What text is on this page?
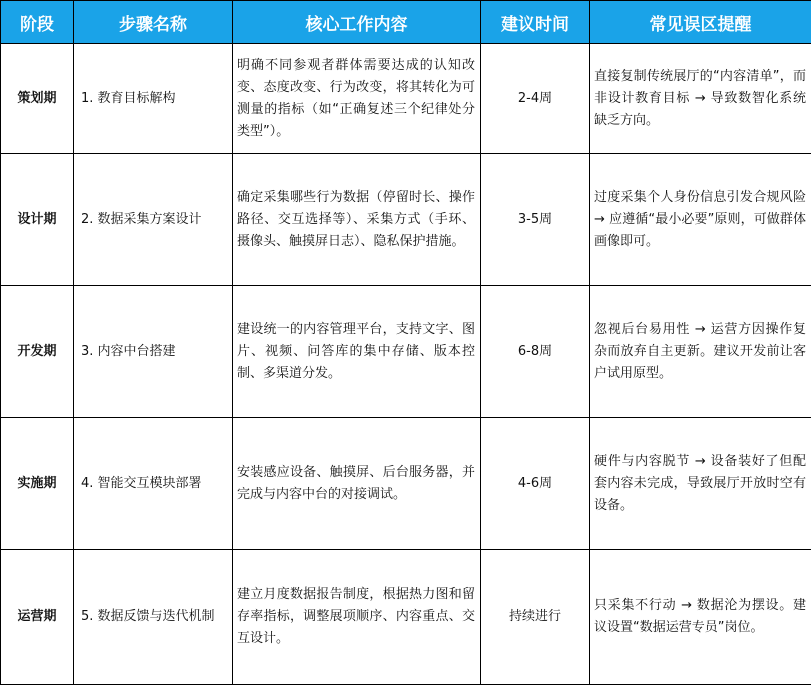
阶段	步骤名称	核心工作内容	建议时间	常见误区提醒
策划期	1. 教育目标解构	明确不同参观者群体需要达成的认知改变、态度改变、行为改变，将其转化为可测量的指标（如“正确复述三个纪律处分类型”）。	2-4周	直接复制传统展厅的“内容清单”，而非设计教育目标 → 导致数智化系统缺乏方向。
设计期	2. 数据采集方案设计	确定采集哪些行为数据（停留时长、操作路径、交互选择等）、采集方式（手环、摄像头、触摸屏日志）、隐私保护措施。	3-5周	过度采集个人身份信息引发合规风险 → 应遵循“最小必要”原则，可做群体画像即可。
开发期	3. 内容中台搭建	建设统一的内容管理平台，支持文字、图片、视频、问答库的集中存储、版本控制、多渠道分发。	6-8周	忽视后台易用性 → 运营方因操作复杂而放弃自主更新。建议开发前让客户试用原型。
实施期	4. 智能交互模块部署	安装感应设备、触摸屏、后台服务器，并完成与内容中台的对接调试。	4-6周	硬件与内容脱节 → 设备装好了但配套内容未完成，导致展厅开放时空有设备。
运营期	5. 数据反馈与迭代机制	建立月度数据报告制度，根据热力图和留存率指标，调整展项顺序、内容重点、交互设计。	持续进行	只采集不行动 → 数据沦为摆设。建议设置“数据运营专员”岗位。
